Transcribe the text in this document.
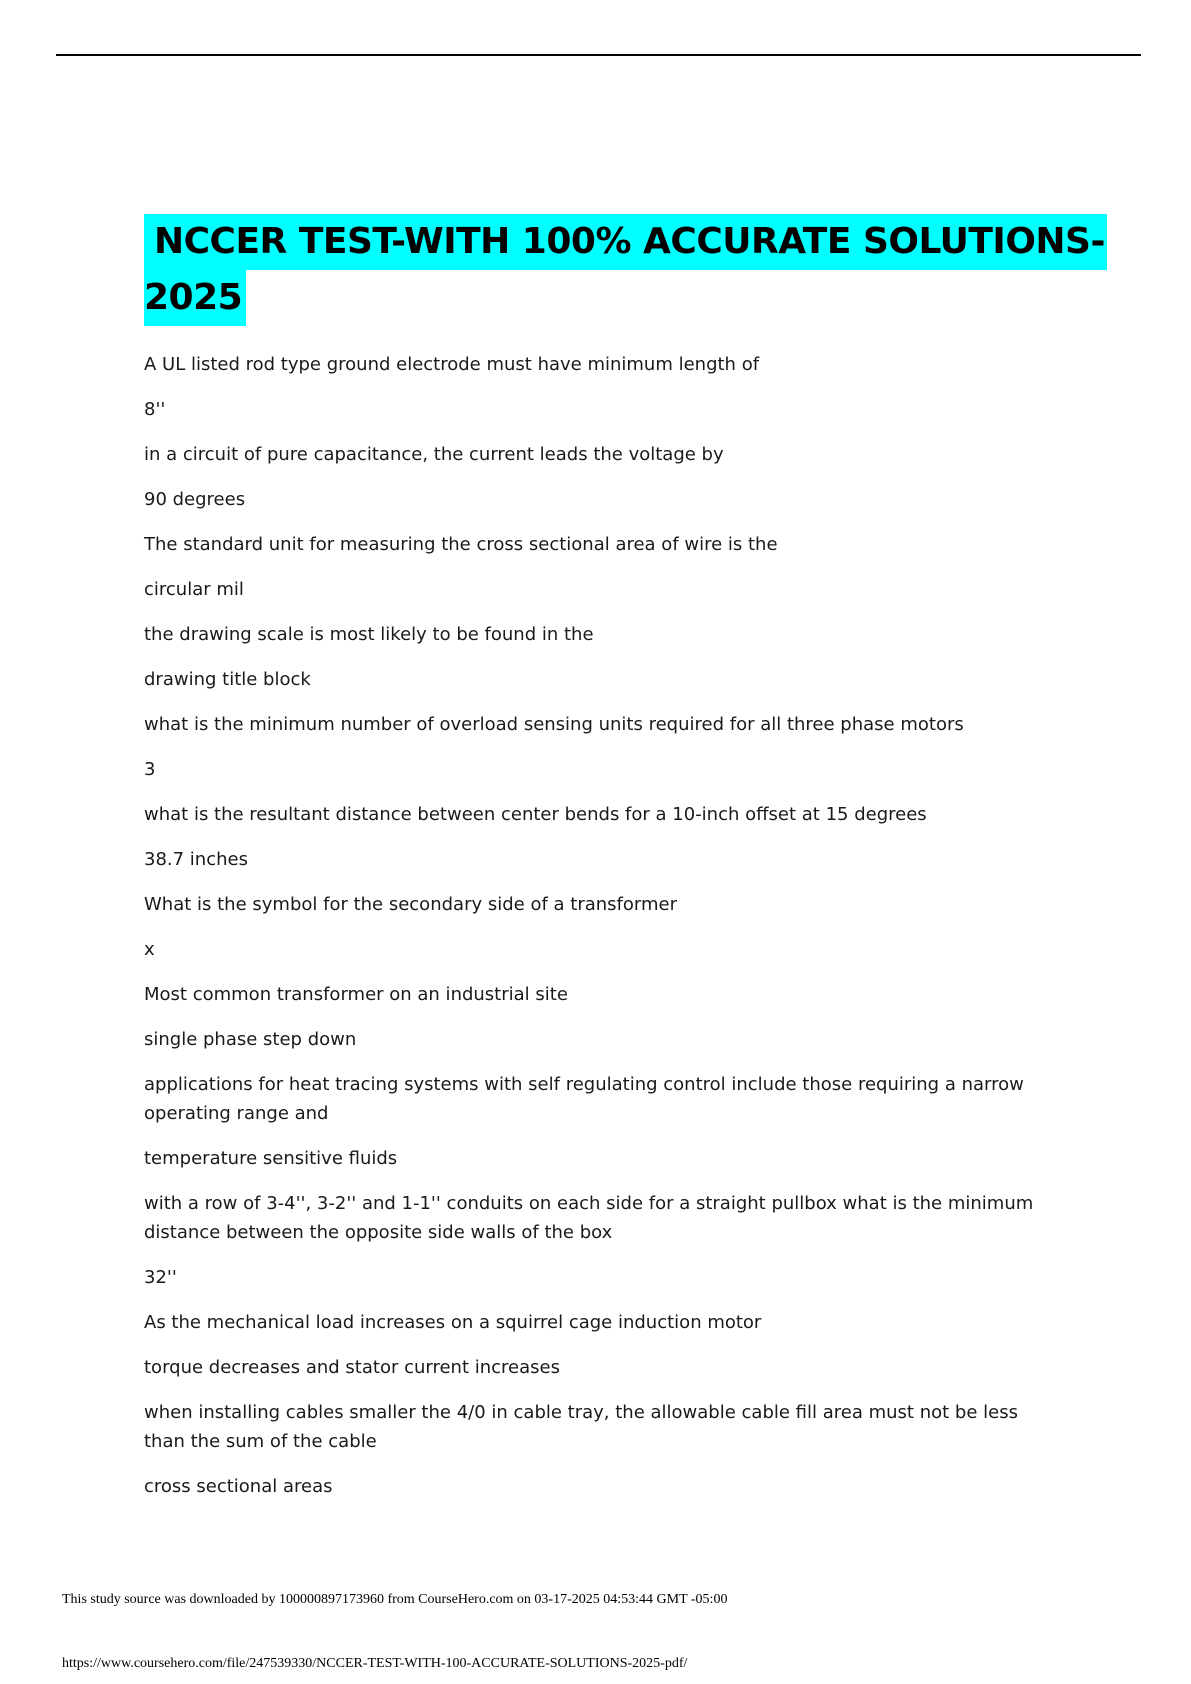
NCCER TEST-WITH 100% ACCURATE SOLUTIONS-
2025

A UL listed rod type ground electrode must have minimum length of

8''

in a circuit of pure capacitance, the current leads the voltage by

90 degrees

The standard unit for measuring the cross sectional area of wire is the

circular mil

the drawing scale is most likely to be found in the

drawing title block

what is the minimum number of overload sensing units required for all three phase motors

3

what is the resultant distance between center bends for a 10-inch offset at 15 degrees

38.7 inches

What is the symbol for the secondary side of a transformer

x

Most common transformer on an industrial site

single phase step down

applications for heat tracing systems with self regulating control include those requiring a narrow operating range and

temperature sensitive fluids

with a row of 3-4'', 3-2'' and 1-1'' conduits on each side for a straight pullbox what is the minimum distance between the opposite side walls of the box

32''

As the mechanical load increases on a squirrel cage induction motor

torque decreases and stator current increases

when installing cables smaller the 4/0 in cable tray, the allowable cable fill area must not be less than the sum of the cable

cross sectional areas

This study source was downloaded by 100000897173960 from CourseHero.com on 03-17-2025 04:53:44 GMT -05:00
https://www.coursehero.com/file/247539330/NCCER-TEST-WITH-100-ACCURATE-SOLUTIONS-2025-pdf/
